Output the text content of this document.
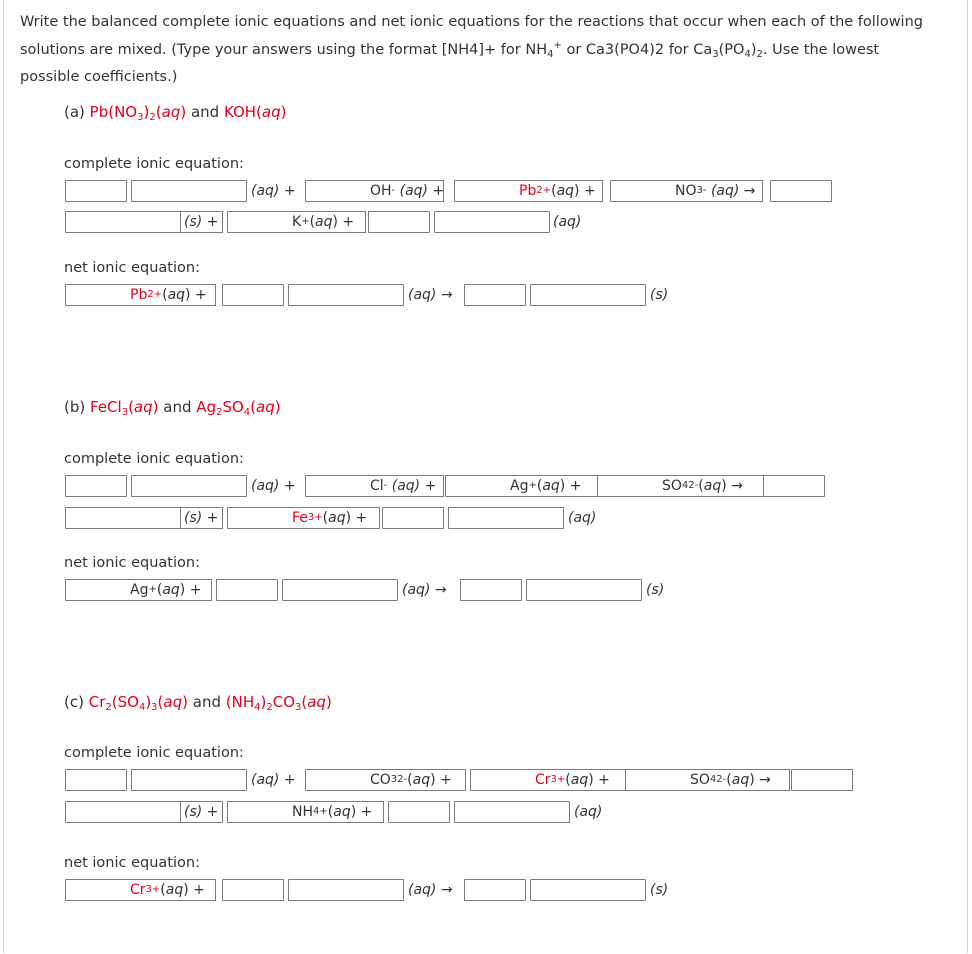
Write the balanced complete ionic equations and net ionic equations for the reactions that occur when each of the following
solutions are mixed. (Type your answers using the format [NH4]+ for $NH_4^+$ or Ca3(PO4)2 for $Ca_3(PO_4)_2$. Use the lowest
possible coefficients.)
(a) $Pb(NO_3)_2(aq)$ and KOH(aq)
complete ionic equation:
(aq) +	OH -
(aq) +	Pb 2+ (aq) +	NO 3 -
(aq) →
(s) +	K + ( aq ) +	(aq)
net ionic equation:
Pb 2+ (aq) +	(aq) →	(s)
(b) FeCl$_3$(aq) and $Ag_2SO_4(aq)$
complete ionic equation:
(aq) +	Cl -
(aq) +	Ag + ( aq ) +	SO 4 2- ( aq ) →
(s) +	Fe 3+ (aq) +	(aq)
net ionic equation:
Ag + ( aq ) +	(aq) →	(s)
(c) $Cr_2(SO_4)_3(aq)$ and $(NH_4)_2CO_3(aq)$
complete ionic equation:
(aq) +	CO 3 2- ( aq ) +	Cr 3+ (aq) +	SO 4 2- ( aq ) →
(s) +	NH 4 + ( aq ) +	(aq)
net ionic equation:
Cr 3+ (aq) +	(aq) →	(s)
